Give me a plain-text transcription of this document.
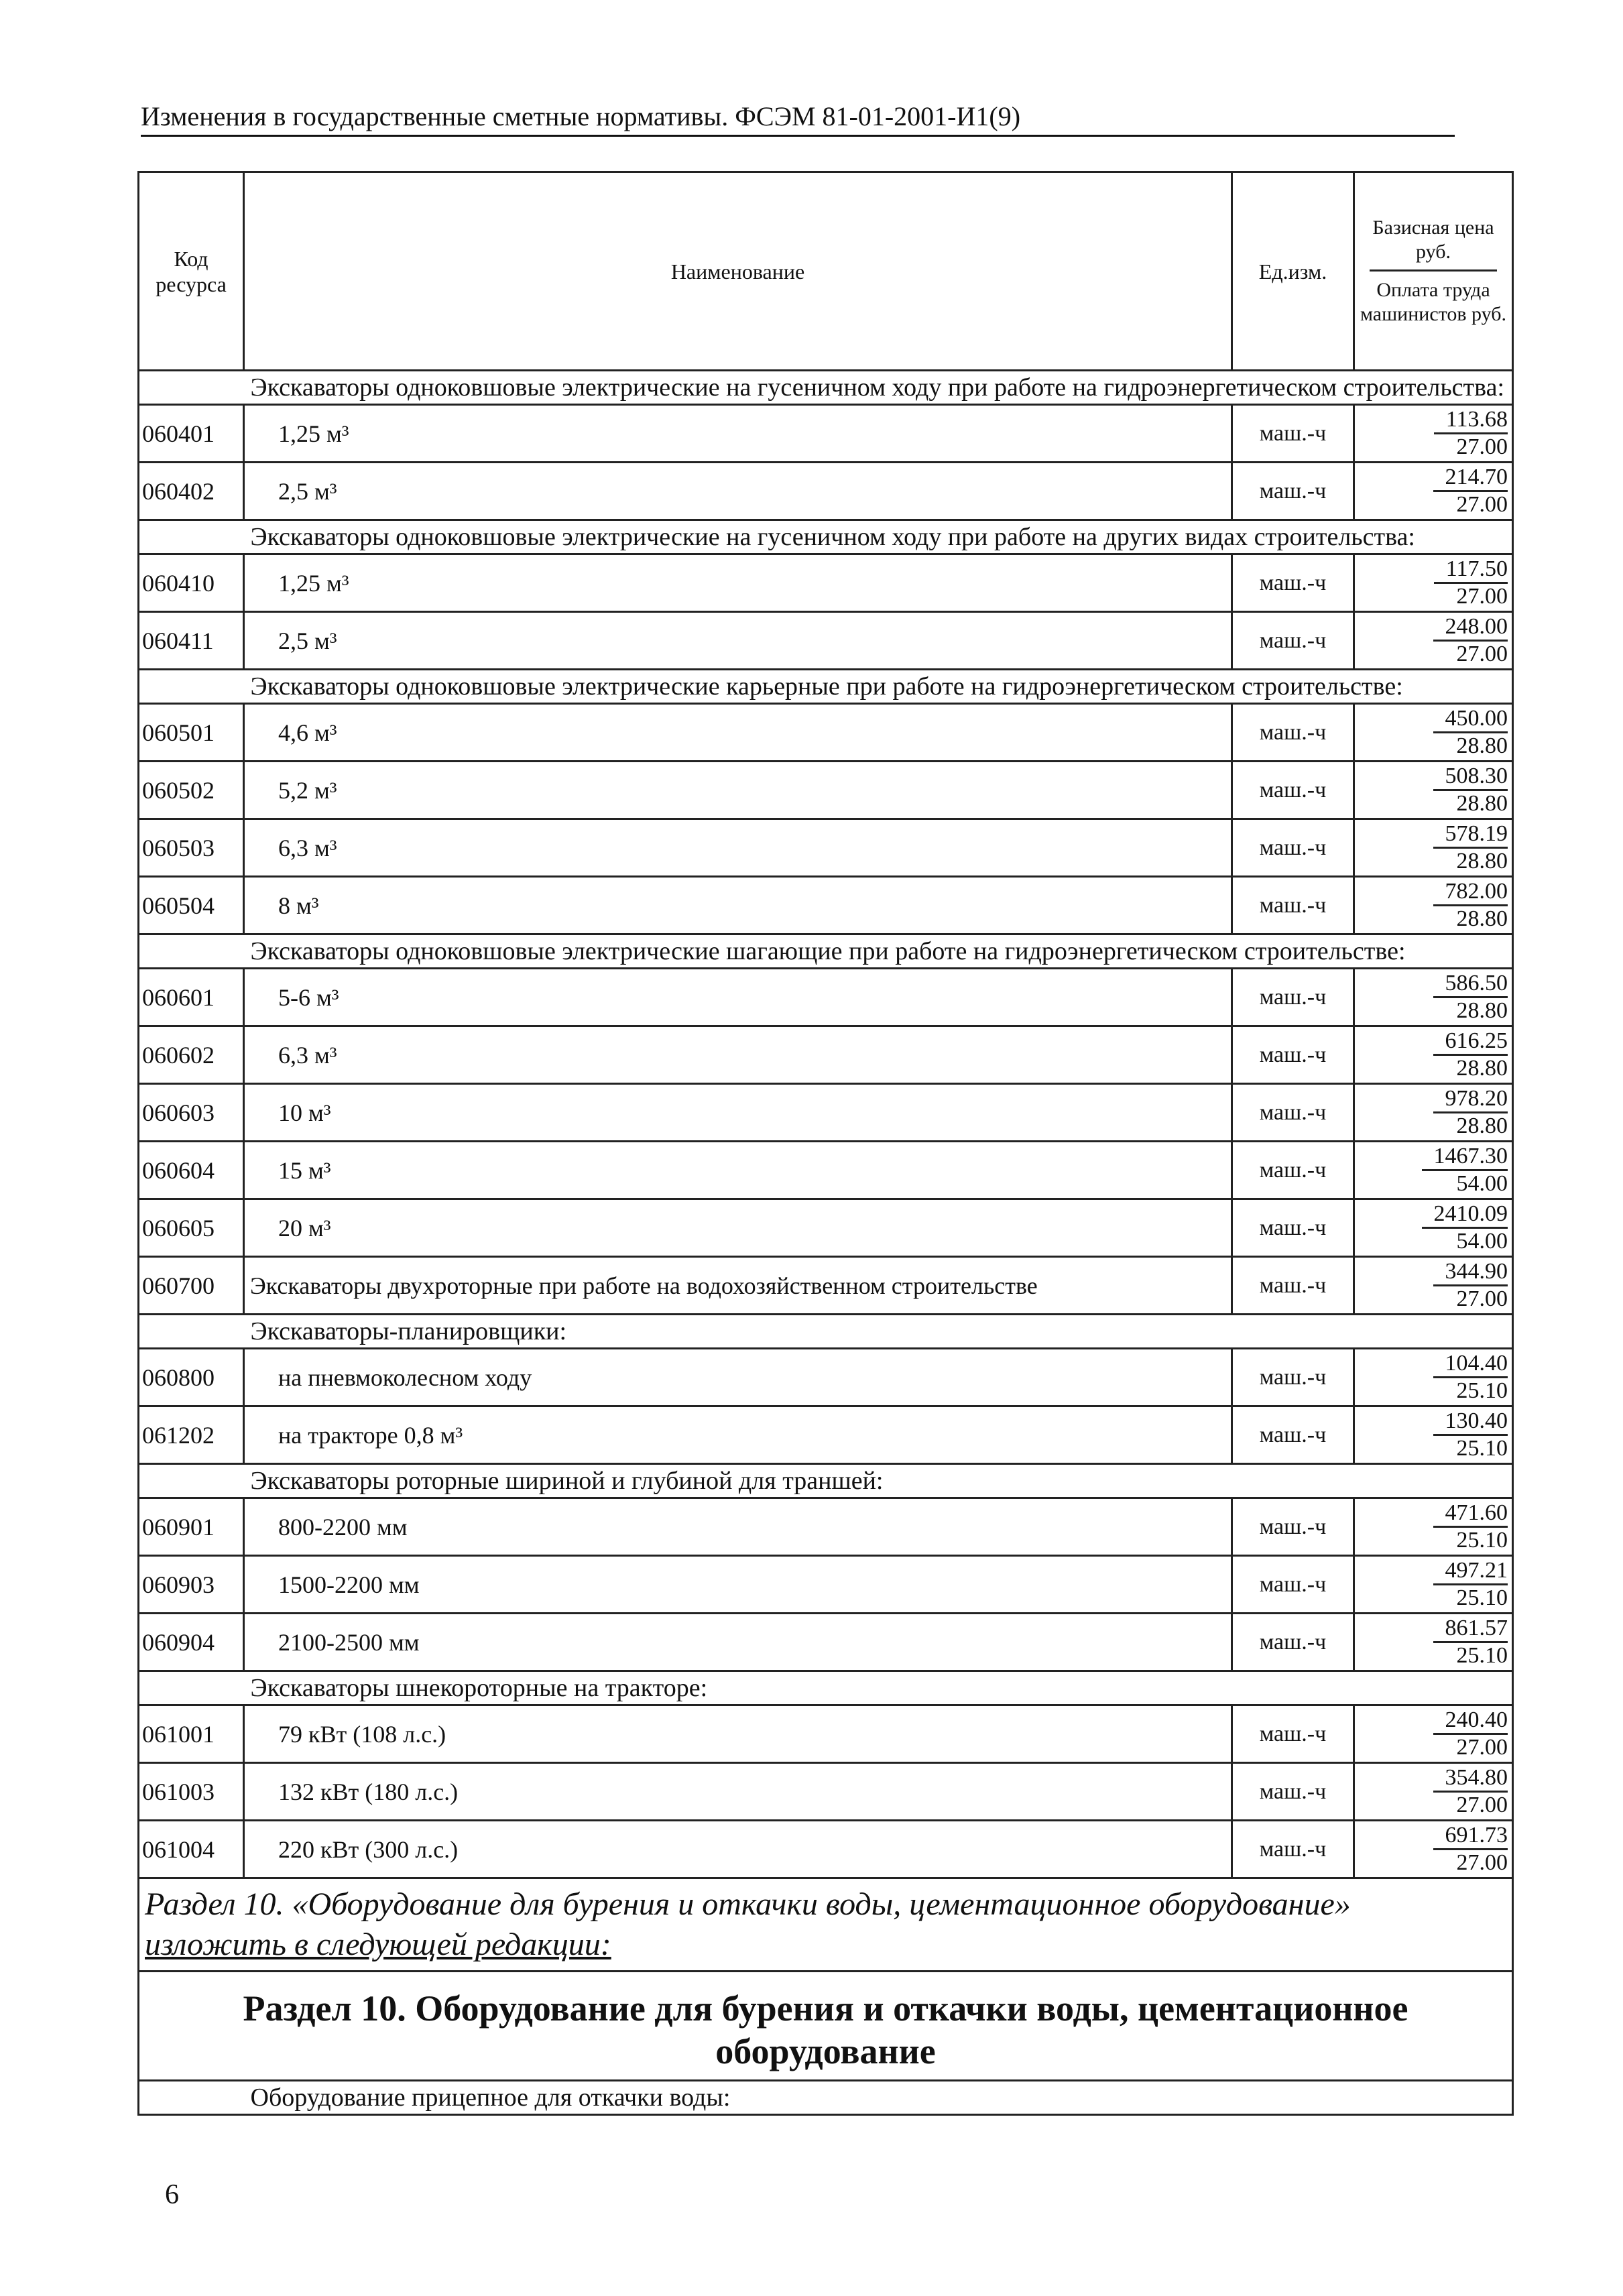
Изменения в государственные сметные нормативы. ФСЭМ 81-01-2001-И1(9)
Код ресурса	Наименование	Ед.изм.	Базисная цена руб.
Оплата труда машинистов руб.

	Экскаваторы одноковшовые электрические на гусеничном ходу при работе на гидроэнергетическом строительства:		
060401	1,25 м³	маш.-ч	113.68
27.00

060402	2,5 м³	маш.-ч	214.70
27.00

	Экскаваторы одноковшовые электрические на гусеничном ходу при работе на других видах строительства:		
060410	1,25 м³	маш.-ч	117.50
27.00

060411	2,5 м³	маш.-ч	248.00
27.00

	Экскаваторы одноковшовые электрические карьерные при работе на гидроэнергетическом строительстве:		
060501	4,6 м³	маш.-ч	450.00
28.80

060502	5,2 м³	маш.-ч	508.30
28.80

060503	6,3 м³	маш.-ч	578.19
28.80

060504	8 м³	маш.-ч	782.00
28.80

	Экскаваторы одноковшовые электрические шагающие при работе на гидроэнергетическом строительстве:		
060601	5-6 м³	маш.-ч	586.50
28.80

060602	6,3 м³	маш.-ч	616.25
28.80

060603	10 м³	маш.-ч	978.20
28.80

060604	15 м³	маш.-ч	1467.30
54.00

060605	20 м³	маш.-ч	2410.09
54.00

060700	Экскаваторы двухроторные при работе на водохозяйственном строительстве	маш.-ч	344.90
27.00

	Экскаваторы-планировщики:		
060800	на пневмоколесном ходу	маш.-ч	104.40
25.10

061202	на тракторе 0,8 м³	маш.-ч	130.40
25.10

	Экскаваторы роторные шириной и глубиной для траншей:		
060901	800-2200 мм	маш.-ч	471.60
25.10

060903	1500-2200 мм	маш.-ч	497.21
25.10

060904	2100-2500 мм	маш.-ч	861.57
25.10

	Экскаваторы шнекороторные на тракторе:		
061001	79 кВт (108 л.с.)	маш.-ч	240.40
27.00

061003	132 кВт (180 л.с.)	маш.-ч	354.80
27.00

061004	220 кВт (300 л.с.)	маш.-ч	691.73
27.00

Раздел 10. «Оборудование для бурения и откачки воды, цементационное оборудование»
изложить в следующей редакции:			
Раздел 10. Оборудование для бурения и откачки воды, цементационное
оборудование			
	Оборудование прицепное для откачки воды:		
6
